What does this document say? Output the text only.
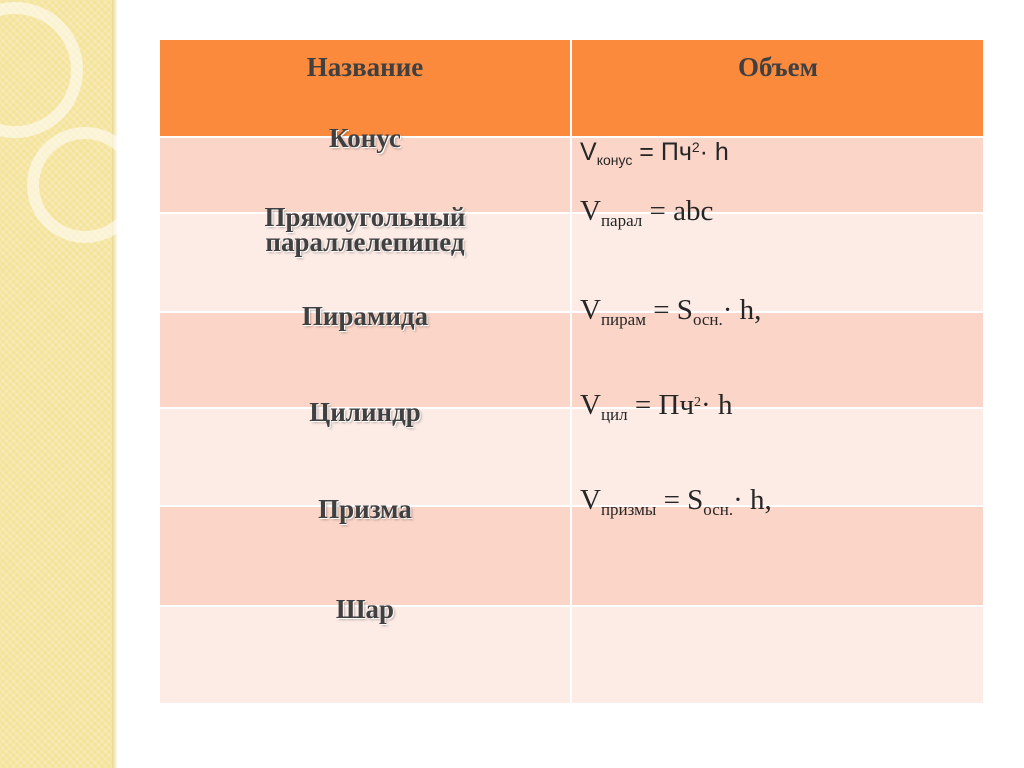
Название	Объем
Конус
Прямоугольный
параллелепипед
Пирамида
Цилиндр
Призма
Шар
$V_{конус} = Пч^2\cdot h$
$V_{парал}$ = abc
$V_{пирам} = S_{осн.}\cdot h$,
$V_{цил} = Пч^2\cdot h$
$V_{призмы} = S_{осн.}\cdot h$,
